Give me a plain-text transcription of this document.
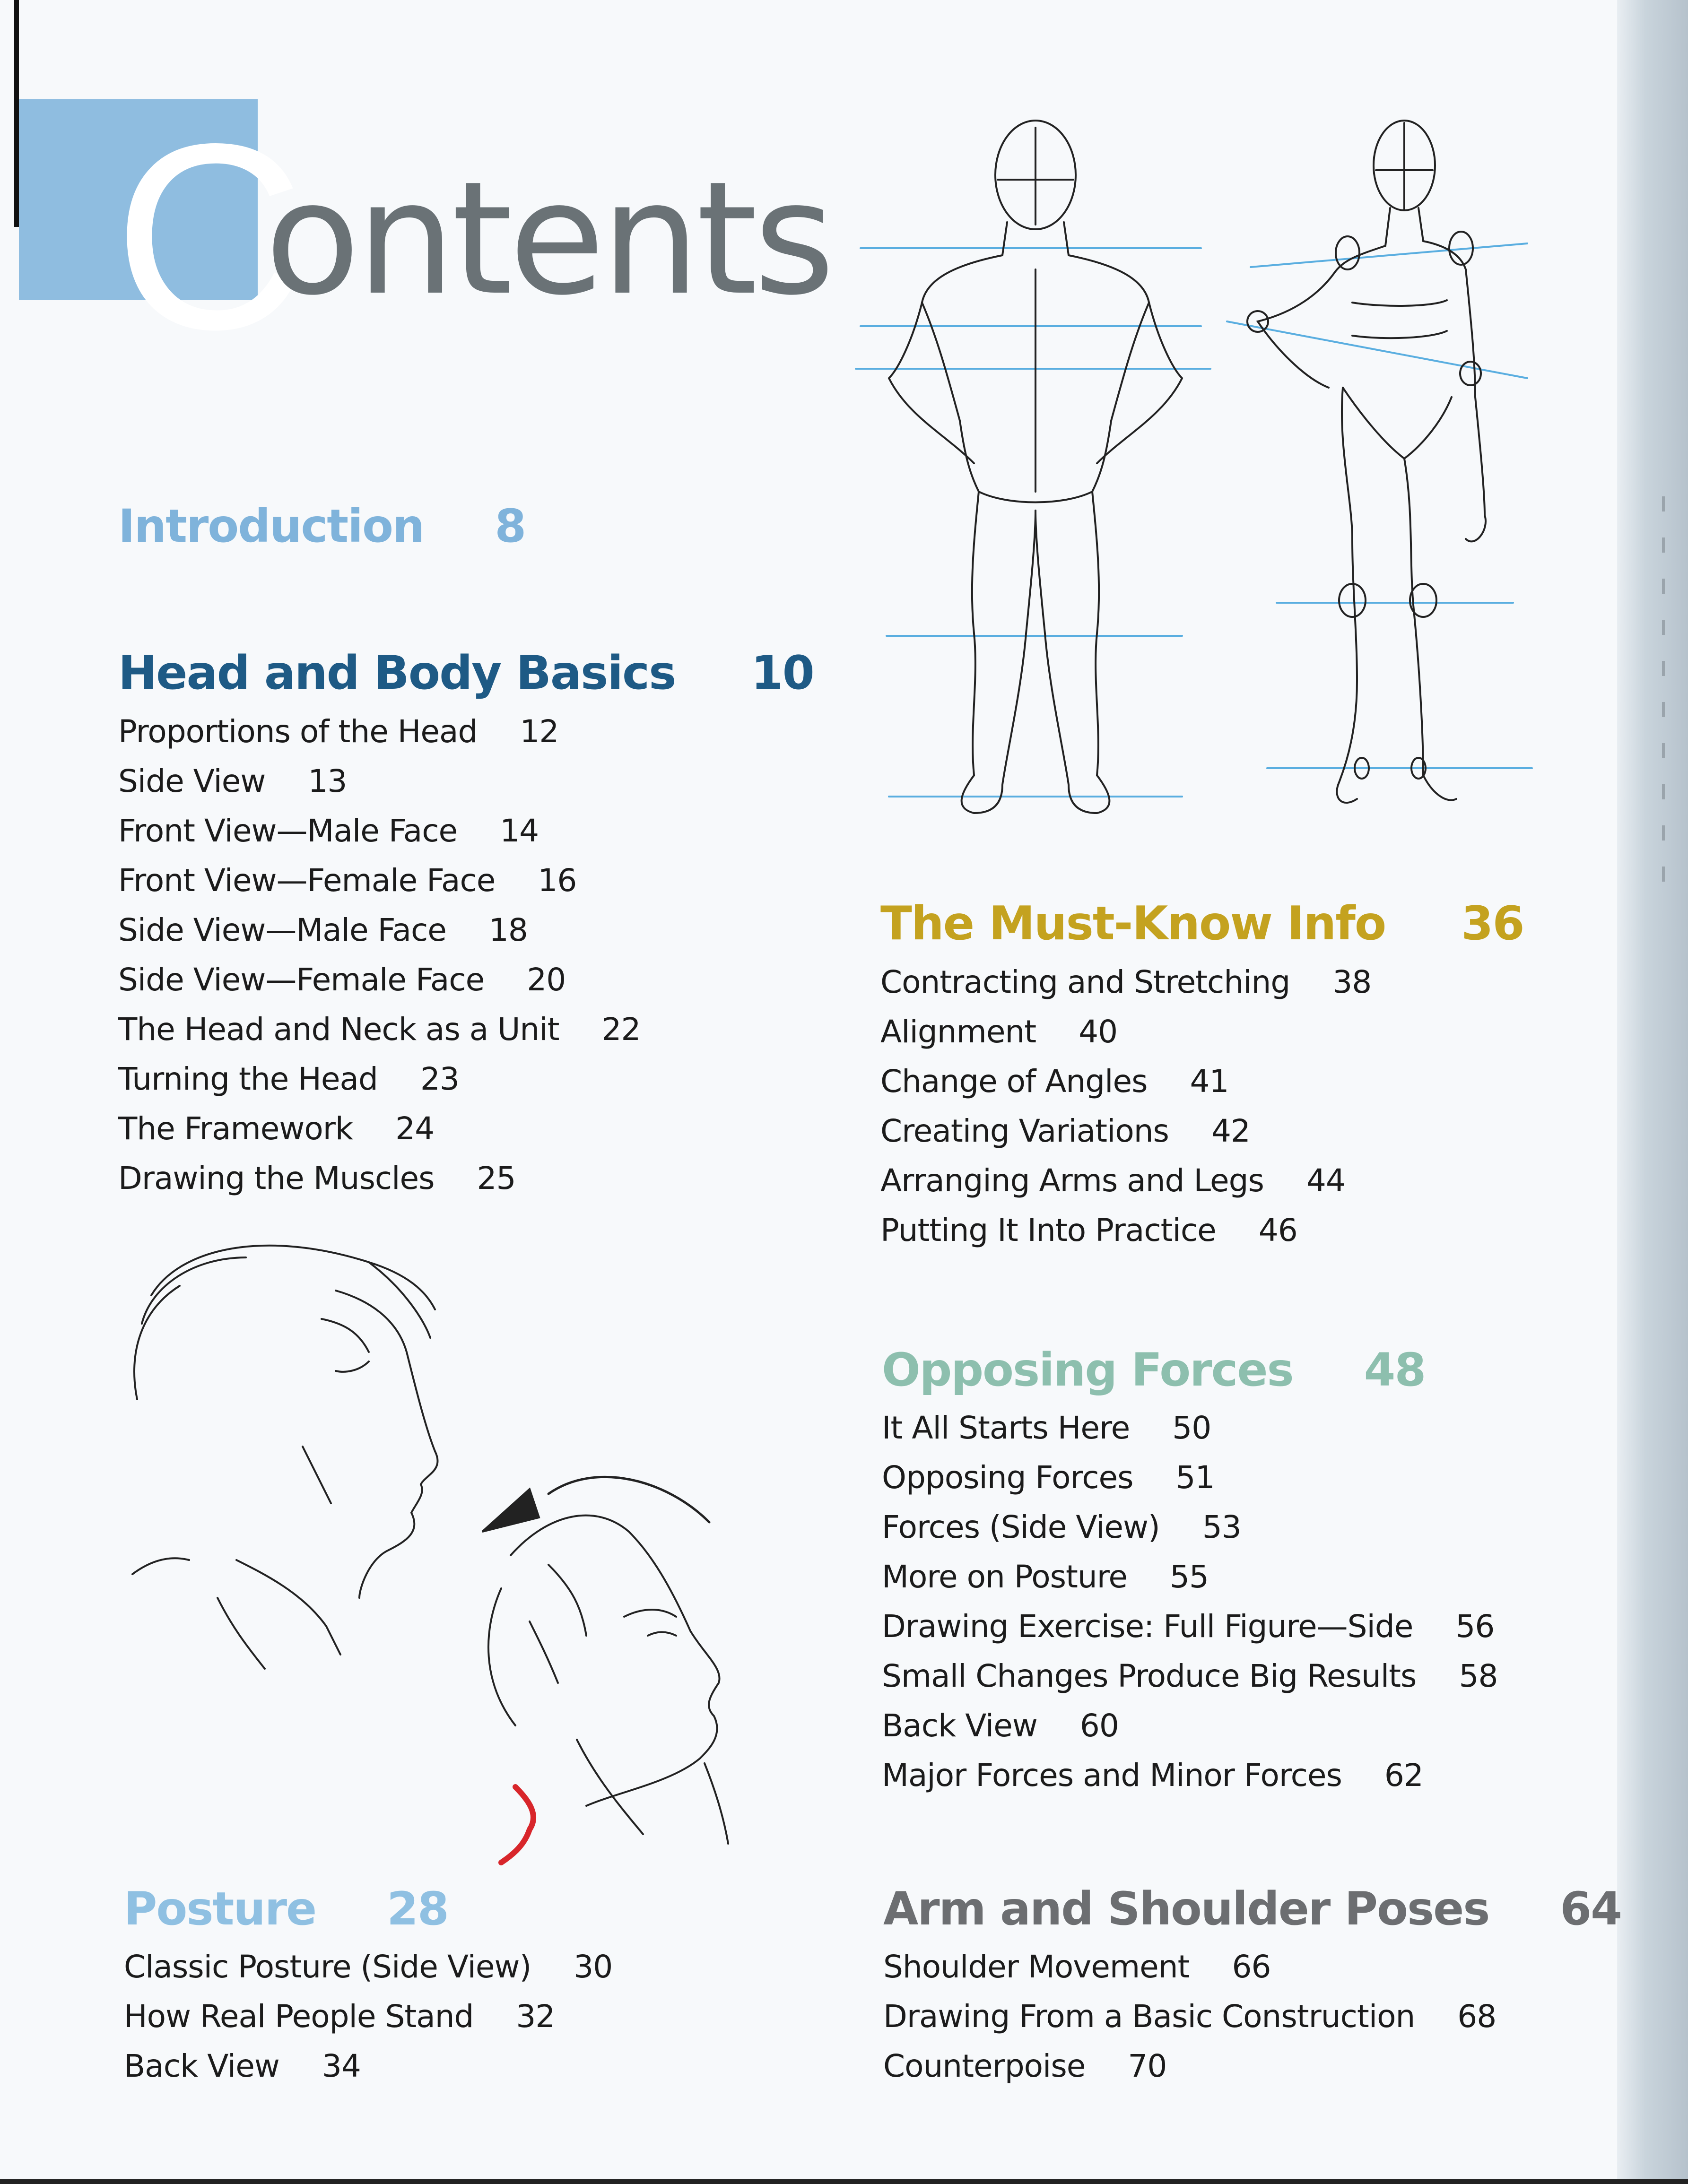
C
ontents
Introduction 8
Head and Body Basics 10
Proportions of the Head 12
Side View 13
Front View—Male Face 14
Front View—Female Face 16
Side View—Male Face 18
Side View—Female Face 20
The Head and Neck as a Unit 22
Turning the Head 23
The Framework 24
Drawing the Muscles 25
Posture 28
Classic Posture (Side View) 30
How Real People Stand 32
Back View 34
The Must-Know Info 36
Contracting and Stretching 38
Alignment 40
Change of Angles 41
Creating Variations 42
Arranging Arms and Legs 44
Putting It Into Practice 46
Opposing Forces 48
It All Starts Here 50
Opposing Forces 51
Forces (Side View) 53
More on Posture 55
Drawing Exercise: Full Figure—Side 56
Small Changes Produce Big Results 58
Back View 60
Major Forces and Minor Forces 62
Arm and Shoulder Poses 64
Shoulder Movement 66
Drawing From a Basic Construction 68
Counterpoise 70
